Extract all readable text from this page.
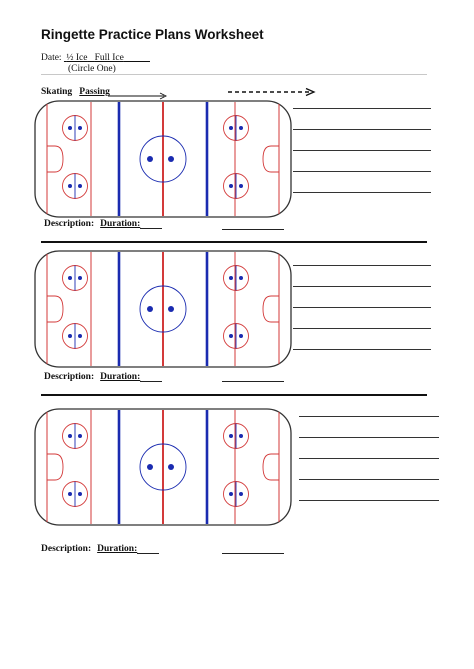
Ringette Practice Plans Worksheet
Date: ½ Ice Full Ice
(Circle One)
Skating Passing
Description: Duration:
Description: Duration:
Description: Duration:
